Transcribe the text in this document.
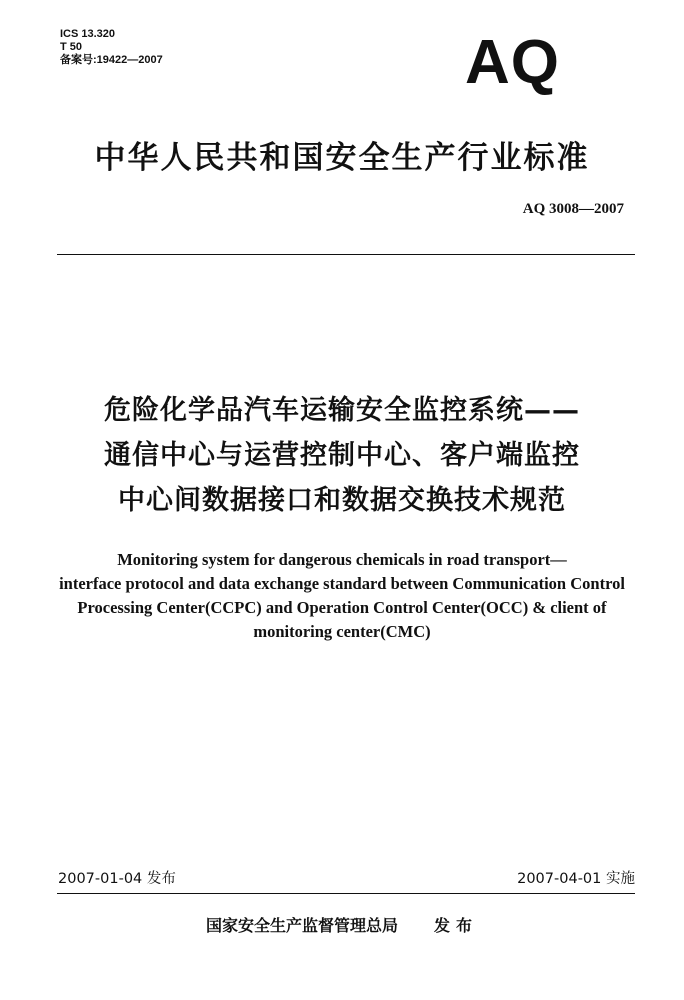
ICS 13.320
T 50
备案号:19422—2007	AQ
中华人民共和国安全生产行业标准
AQ 3008—2007
危险化学品汽车运输安全监控系统——
通信中心与运营控制中心、客户端监控
中心间数据接口和数据交换技术规范
Monitoring system for dangerous chemicals in road transport—
interface protocol and data exchange standard between Communication Control
Processing Center(CCPC) and Operation Control Center(OCC) & client of
monitoring center(CMC)
2007-01-04 发布	2007-04-01 实施
国家安全生产监督管理总局 发布
